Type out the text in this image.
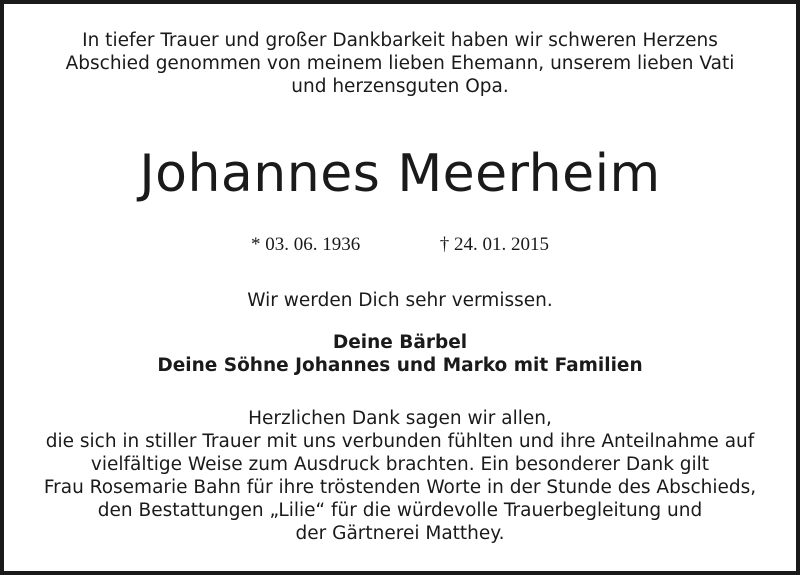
In tiefer Trauer und großer Dankbarkeit haben wir schweren Herzens
Abschied genommen von meinem lieben Ehemann, unserem lieben Vati
und herzensguten Opa.
Johannes Meerheim
* 03. 06. 1936	† 24. 01. 2015
Wir werden Dich sehr vermissen.
Deine Bärbel
Deine Söhne Johannes und Marko mit Familien
Herzlichen Dank sagen wir allen,
die sich in stiller Trauer mit uns verbunden fühlten und ihre Anteilnahme auf
vielfältige Weise zum Ausdruck brachten. Ein besonderer Dank gilt
Frau Rosemarie Bahn für ihre tröstenden Worte in der Stunde des Abschieds,
den Bestattungen „Lilie“ für die würdevolle Trauerbegleitung und
der Gärtnerei Matthey.
